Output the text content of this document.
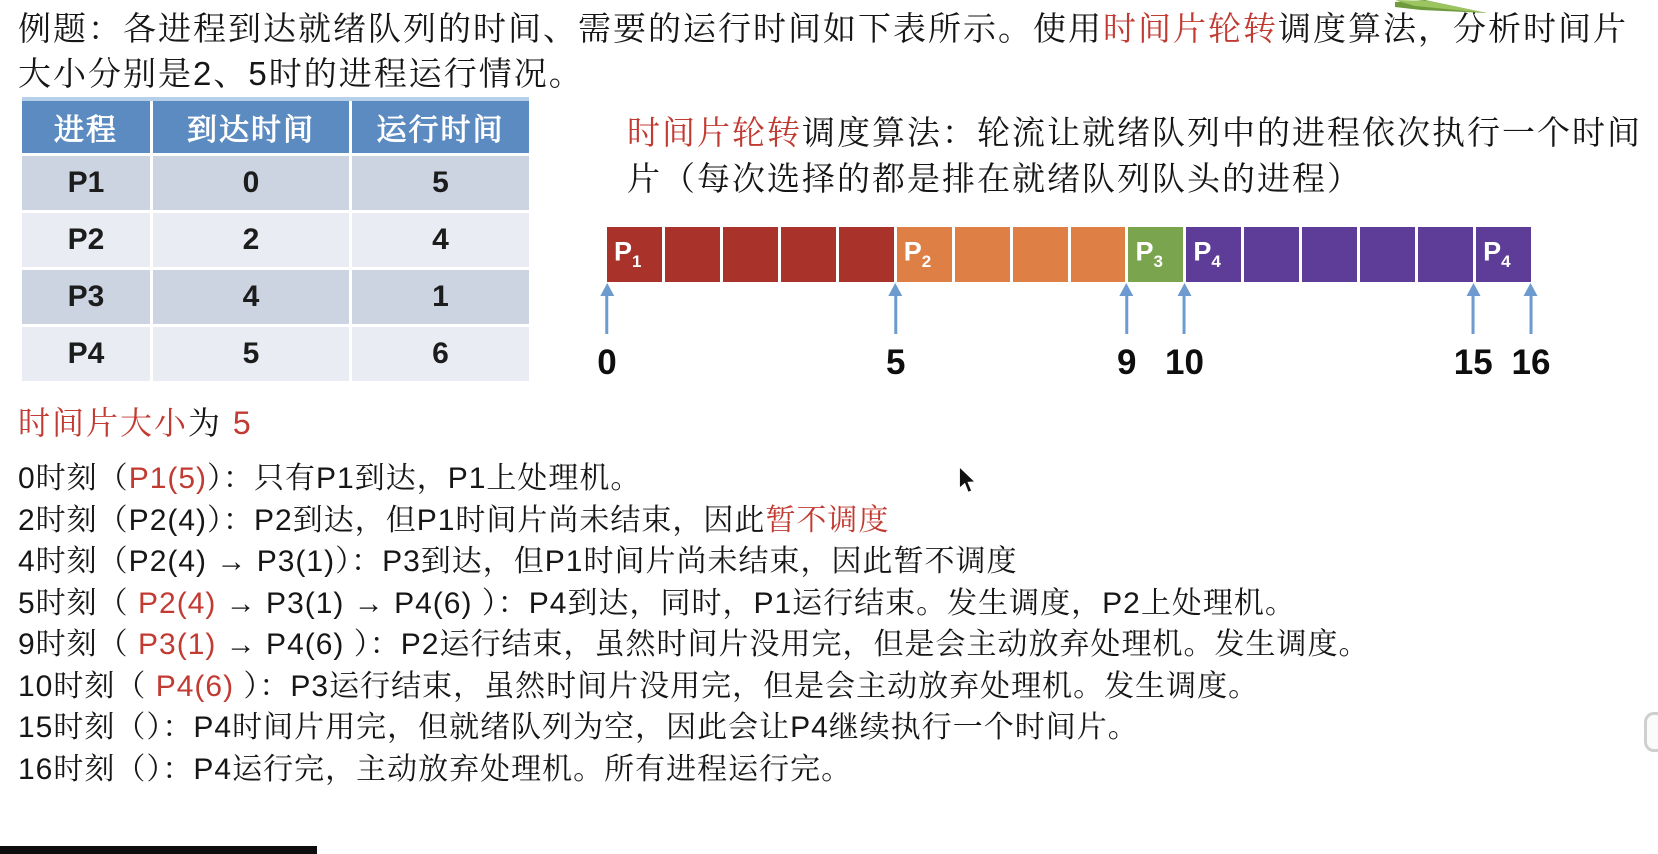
例题：各进程到达就绪队列的时间、需要的运行时间如下表所示。使用时间片轮转调度算法，分析时间片大小分别是2、5时的进程运行情况。
进程	到达时间	运行时间
P1	0	5
P2	2	4
P3	4	1
P4	5	6
时间片轮转调度算法：轮流让就绪队列中的进程依次执行一个时间片（每次选择的都是排在就绪队列队头的进程）
$P_1$	$P_2$	$P_3$ $P_4$	$P_4$
0	5	9 10	15 16
时间片大小为 5
0时刻（P1(5)）：只有P1到达，P1上处理机。
2时刻（P2(4)）：P2到达，但P1时间片尚未结束，因此暂不调度
4时刻（P2(4) → P3(1)）：P3到达，但P1时间片尚未结束，因此暂不调度
5时刻（ P2(4) → P3(1) → P4(6) ）：P4到达，同时，P1运行结束。发生调度，P2上处理机。
9时刻（ P3(1) → P4(6) ）：P2运行结束，虽然时间片没用完，但是会主动放弃处理机。发生调度。
10时刻（ P4(6) ）：P3运行结束，虽然时间片没用完，但是会主动放弃处理机。发生调度。
15时刻（）：P4时间片用完，但就绪队列为空，因此会让P4继续执行一个时间片。
16时刻（）：P4运行完，主动放弃处理机。所有进程运行完。
